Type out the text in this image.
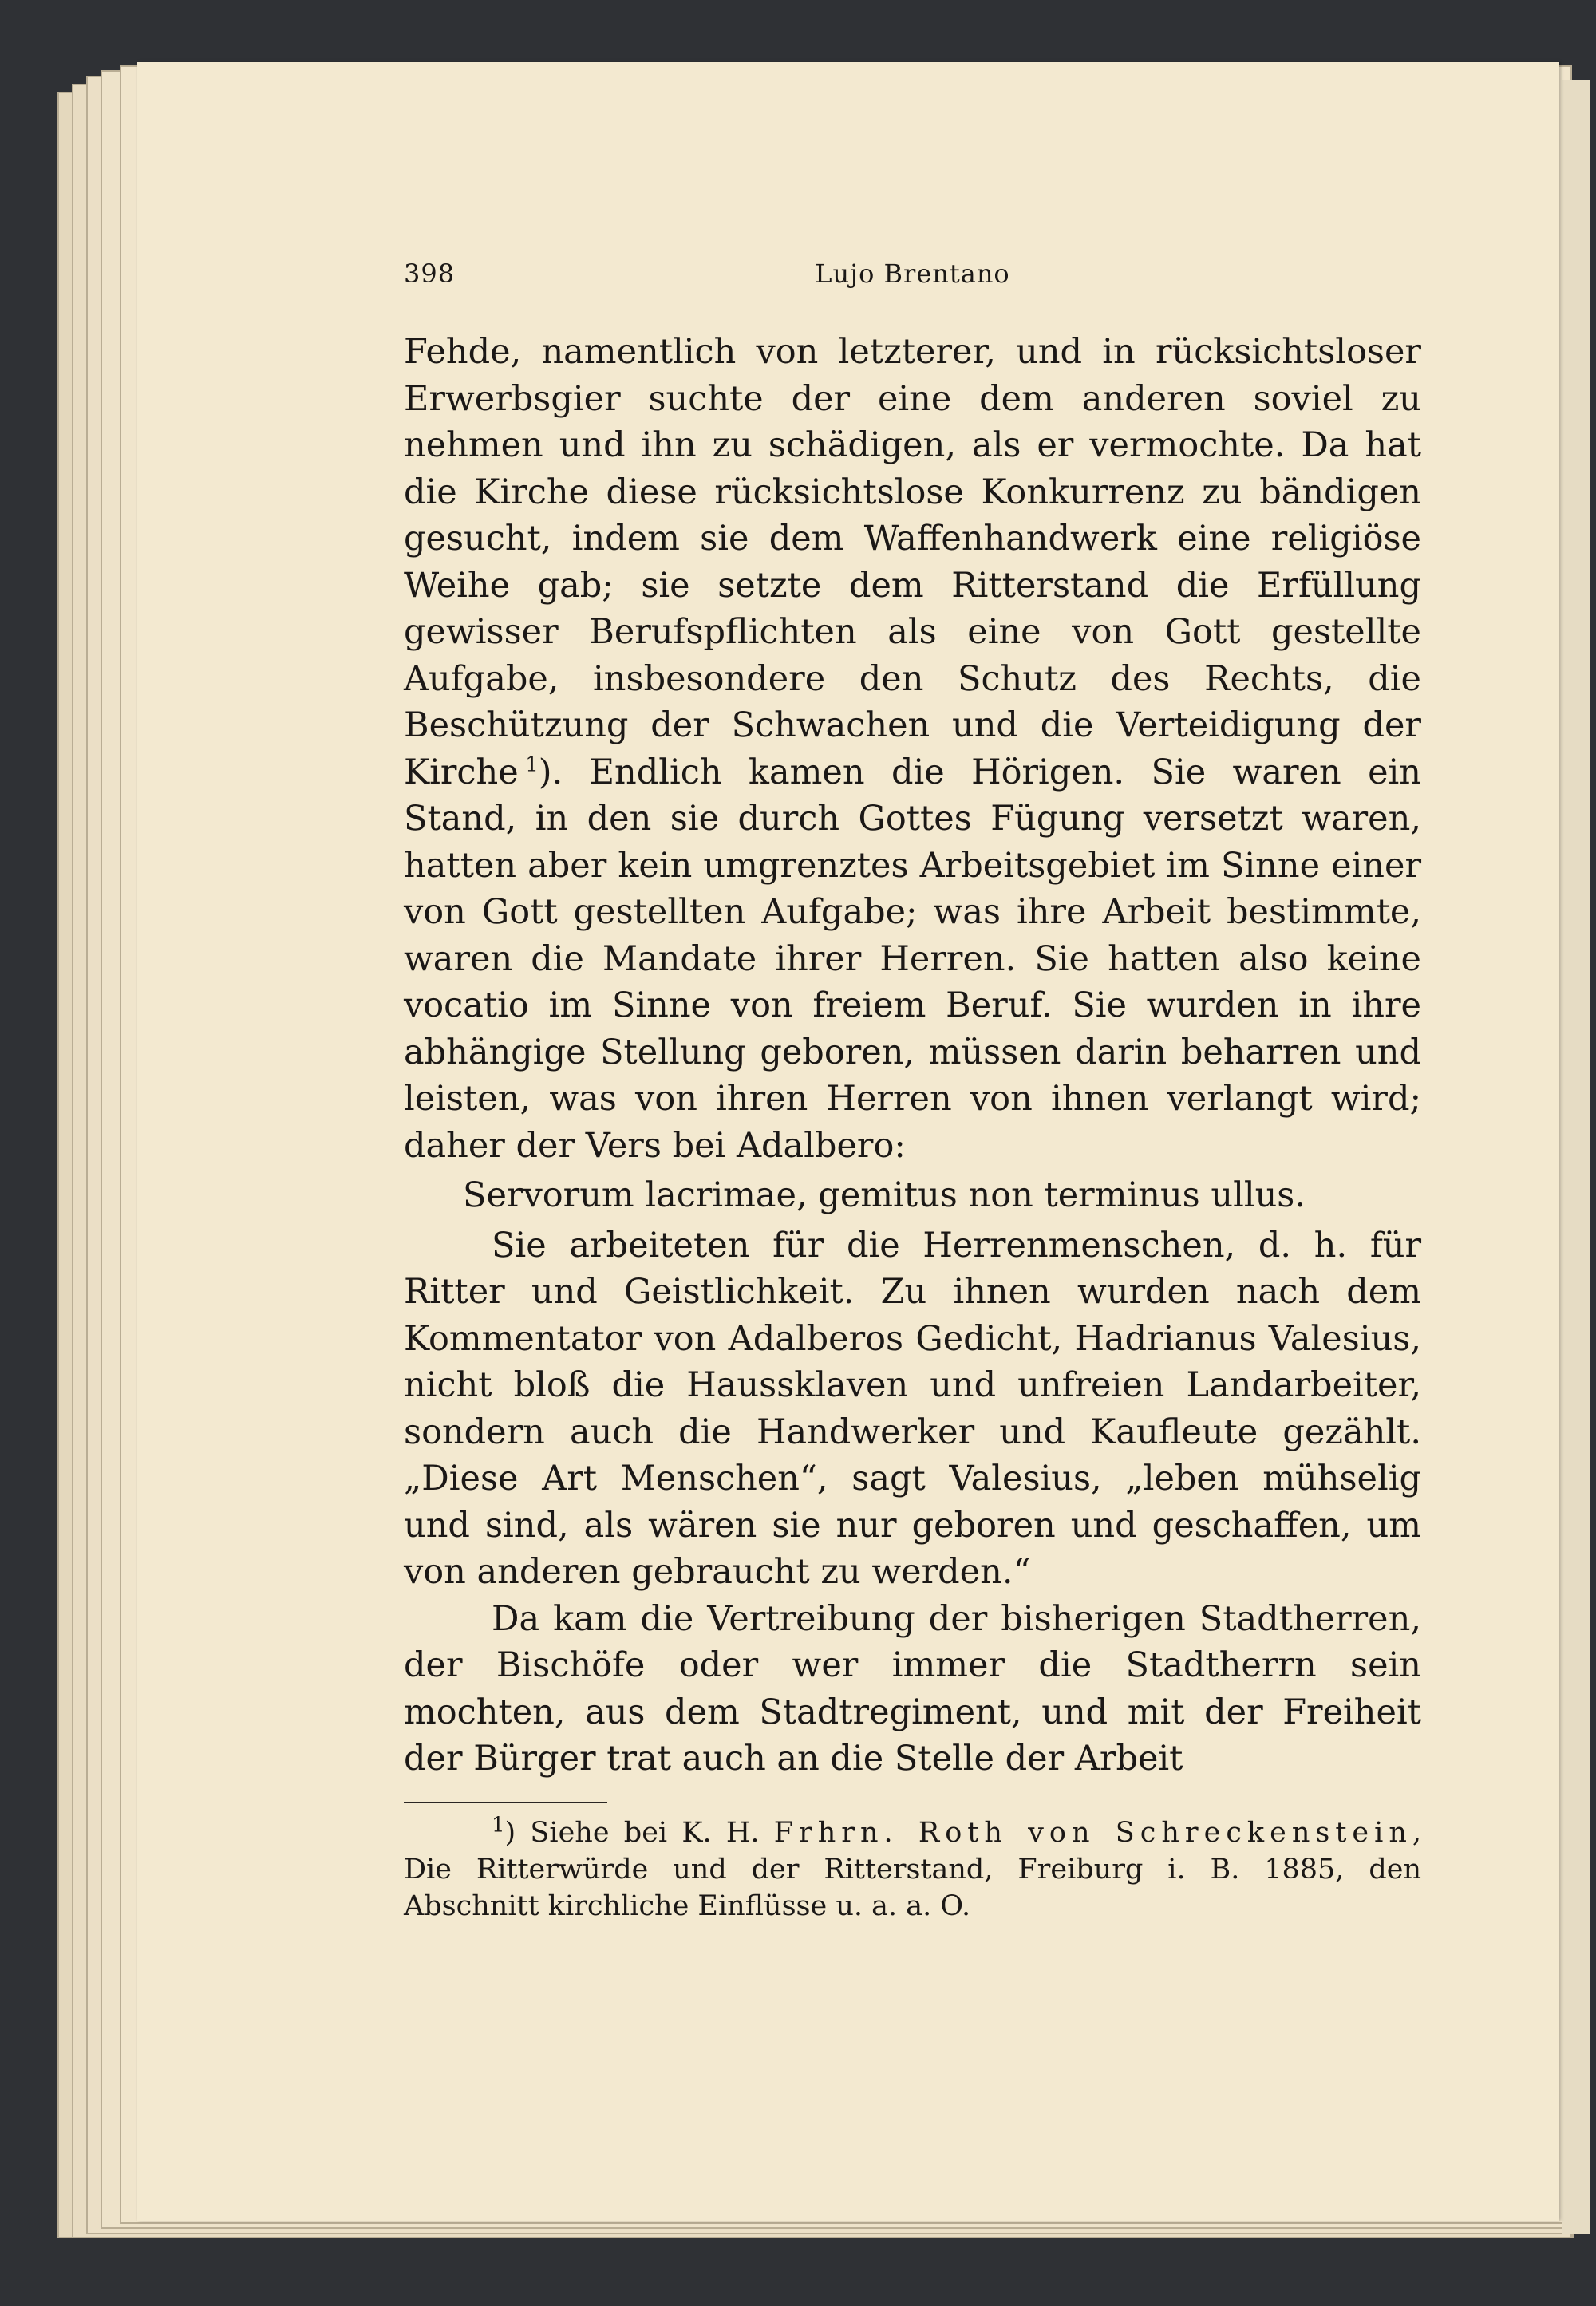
398	Lujo Brentano

Fehde, namentlich von letzterer, und in rücksichtsloser Erwerbsgier suchte der eine dem anderen soviel zu nehmen und ihn zu schädigen, als er vermochte. Da hat die Kirche diese rücksichtslose Konkurrenz zu bändigen gesucht, indem sie dem Waffenhandwerk eine religiöse Weihe gab; sie setzte dem Ritterstand die Erfüllung gewisser Berufspflichten als eine von Gott gestellte Aufgabe, insbesondere den Schutz des Rechts, die Beschützung der Schwachen und die Verteidigung der Kirche  $^1$). Endlich kamen die Hörigen. Sie waren ein Stand, in den sie durch Gottes Fügung versetzt waren, hatten aber kein umgrenztes Arbeitsgebiet im Sinne einer von Gott gestellten Aufgabe; was ihre Arbeit bestimmte, waren die Mandate ihrer Herren. Sie hatten also keine vocatio im Sinne von freiem Beruf. Sie wurden in ihre abhängige Stellung geboren, müssen darin beharren und leisten, was von ihren Herren von ihnen verlangt wird; daher der Vers bei Adalbero:

Servorum lacrimae, gemitus non terminus ullus.

Sie arbeiteten für die Herrenmenschen, d. h. für Ritter und Geistlichkeit. Zu ihnen wurden nach dem Kommentator von Adalberos Gedicht, Hadrianus Valesius, nicht bloß die Haussklaven und unfreien Landarbeiter, sondern auch die Handwerker und Kaufleute gezählt. „Diese Art Menschen“, sagt Valesius, „leben mühselig und sind, als wären sie nur geboren und geschaffen, um von anderen gebraucht zu werden.“

Da kam die Vertreibung der bisherigen Stadtherren, der Bischöfe oder wer immer die Stadtherrn sein mochten, aus dem Stadtregiment, und mit der Freiheit der Bürger trat auch an die Stelle der Arbeit

$^1$) Siehe bei K. H. Frhrn. Roth von Schreckenstein, Die Ritterwürde und der Ritterstand, Freiburg i. B. 1885, den Abschnitt kirchliche Einflüsse u. a. a. O.
